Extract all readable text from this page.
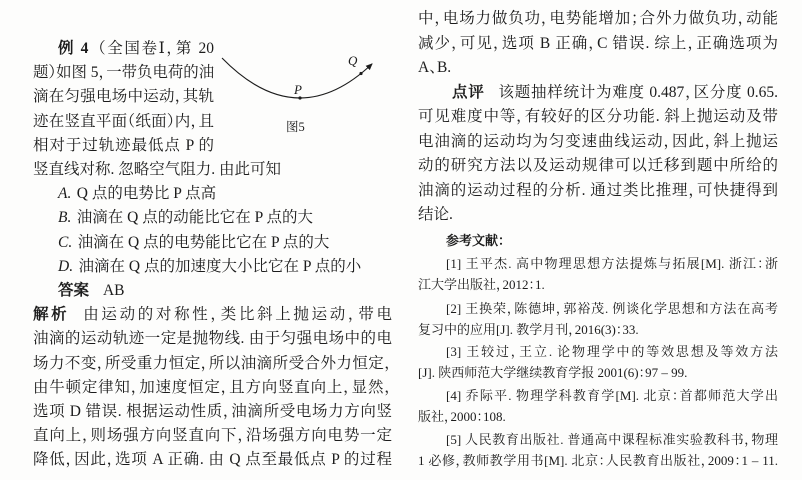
例 4 （全国卷Ⅰ，第 20
题）如图 5，一带负电荷的油
滴在匀强电场中运动，其轨
迹在竖直平面（纸面）内，且
相对于过轨迹最低点 P 的
竖直线对称. 忽略空气阻力. 由此可知
A. Q 点的电势比 P 点高
B. 油滴在 Q 点的动能比它在 P 点的大
C. 油滴在 Q 点的电势能比它在 P 点的大
D. 油滴在 Q 点的加速度大小比它在 P 点的小
答案 AB
解析 由运动的对称性，类比斜上抛运动，带电
油滴的运动轨迹一定是抛物线. 由于匀强电场中的电
场力不变，所受重力恒定，所以油滴所受合外力恒定，
由牛顿定律知，加速度恒定，且方向竖直向上，显然，
选项 D 错误. 根据运动性质，油滴所受电场力方向竖
直向上，则场强方向竖直向下，沿场强方向电势一定
降低，因此，选项 A 正确. 由 Q 点至最低点 P 的过程
P
Q
图5
中，电场力做负功，电势能增加；合外力做负功，动能
减少，可见，选项 B 正确，C 错误. 综上，正确选项为
A、B.
点评 该题抽样统计为难度 0.487，区分度 0.65.
可见难度中等，有较好的区分功能. 斜上抛运动及带
电油滴的运动均为匀变速曲线运动，因此，斜上抛运
动的研究方法以及运动规律可以迁移到题中所给的
油滴的运动过程的分析. 通过类比推理，可快捷得到
结论.
参考文献：
[1] 王平杰. 高中物理思想方法提炼与拓展[M]. 浙江：浙
江大学出版社，2012：1.
[2] 王换荣，陈德坤，郭裕茂. 例谈化学思想和方法在高考
复习中的应用[J]. 教学月刊，2016(3)：33.
[3] 王较过，王立. 论物理学中的等效思想及等效方法
[J]. 陕西师范大学继续教育学报 2001(6)：97 – 99.
[4] 乔际平. 物理学科教育学[M]. 北京：首都师范大学出
版社，2000：108.
[5] 人民教育出版社. 普通高中课程标准实验教科书，物理
1 必修，教师教学用书[M]. 北京：人民教育出版社，2009：1 – 11.
